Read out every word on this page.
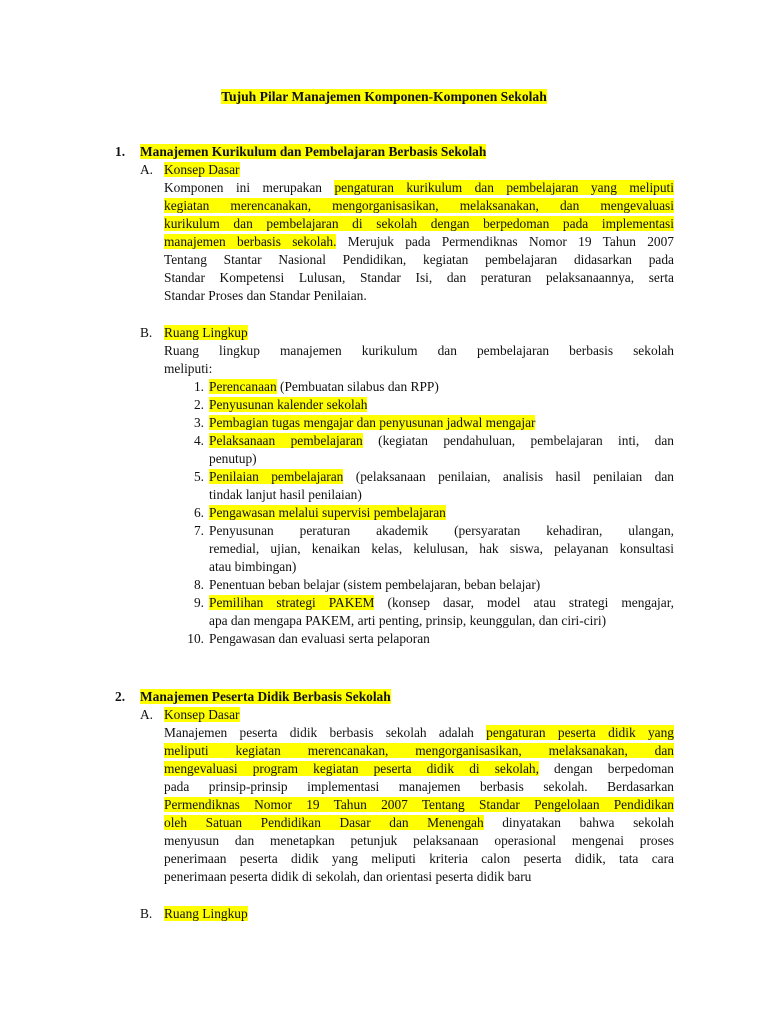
Tujuh Pilar Manajemen Komponen-Komponen Sekolah
1. Manajemen Kurikulum dan Pembelajaran Berbasis Sekolah
A. Konsep Dasar
Komponen ini merupakan pengaturan kurikulum dan pembelajaran yang meliputi
kegiatan merencanakan, mengorganisasikan, melaksanakan, dan mengevaluasi
kurikulum dan pembelajaran di sekolah dengan berpedoman pada implementasi
manajemen berbasis sekolah. Merujuk pada Permendiknas Nomor 19 Tahun 2007
Tentang Stantar Nasional Pendidikan, kegiatan pembelajaran didasarkan pada
Standar Kompetensi Lulusan, Standar Isi, dan peraturan pelaksanaannya, serta
Standar Proses dan Standar Penilaian.
B. Ruang Lingkup
Ruang lingkup manajemen kurikulum dan pembelajaran berbasis sekolah
meliputi:
1. Perencanaan (Pembuatan silabus dan RPP)
2. Penyusunan kalender sekolah
3. Pembagian tugas mengajar dan penyusunan jadwal mengajar
4. Pelaksanaan pembelajaran (kegiatan pendahuluan, pembelajaran inti, dan
penutup)
5. Penilaian pembelajaran (pelaksanaan penilaian, analisis hasil penilaian dan
tindak lanjut hasil penilaian)
6. Pengawasan melalui supervisi pembelajaran
7. Penyusunan peraturan akademik (persyaratan kehadiran, ulangan,
remedial, ujian, kenaikan kelas, kelulusan, hak siswa, pelayanan konsultasi
atau bimbingan)
8. Penentuan beban belajar (sistem pembelajaran, beban belajar)
9. Pemilihan strategi PAKEM (konsep dasar, model atau strategi mengajar,
apa dan mengapa PAKEM, arti penting, prinsip, keunggulan, dan ciri-ciri)
10. Pengawasan dan evaluasi serta pelaporan
2. Manajemen Peserta Didik Berbasis Sekolah
A. Konsep Dasar
Manajemen peserta didik berbasis sekolah adalah pengaturan peserta didik yang
meliputi kegiatan merencanakan, mengorganisasikan, melaksanakan, dan
mengevaluasi program kegiatan peserta didik di sekolah, dengan berpedoman
pada prinsip-prinsip implementasi manajemen berbasis sekolah. Berdasarkan
Permendiknas Nomor 19 Tahun 2007 Tentang Standar Pengelolaan Pendidikan
oleh Satuan Pendidikan Dasar dan Menengah dinyatakan bahwa sekolah
menyusun dan menetapkan petunjuk pelaksanaan operasional mengenai proses
penerimaan peserta didik yang meliputi kriteria calon peserta didik, tata cara
penerimaan peserta didik di sekolah, dan orientasi peserta didik baru
B. Ruang Lingkup
